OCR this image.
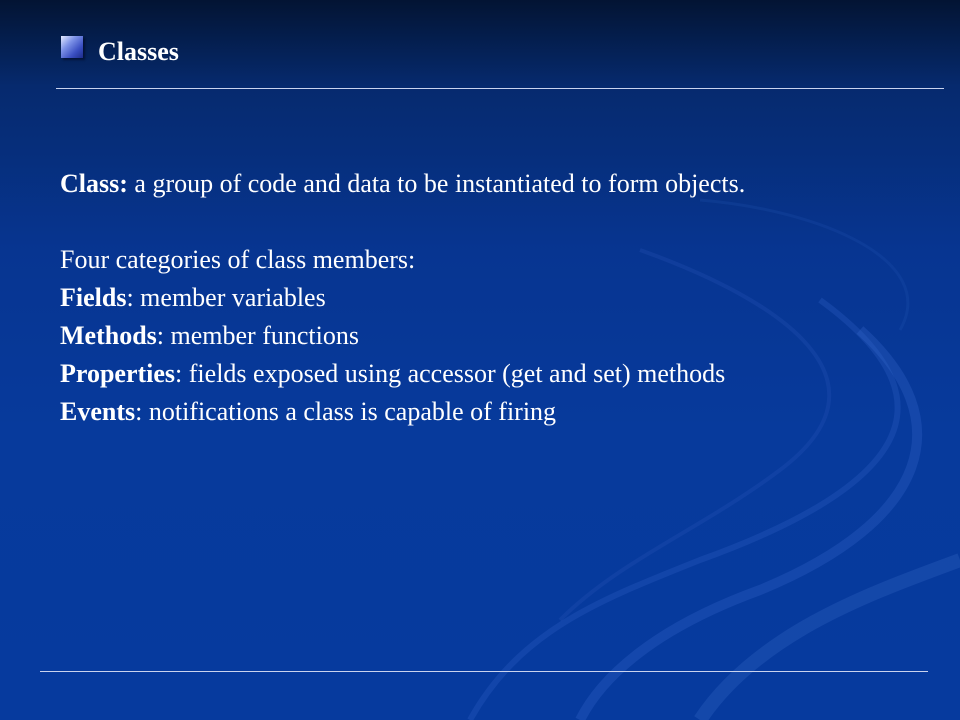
Classes
Class: a group of code and data to be instantiated to form objects.
Four categories of class members:
Fields: member variables
Methods: member functions
Properties: fields exposed using accessor (get and set) methods
Events: notifications a class is capable of firing
